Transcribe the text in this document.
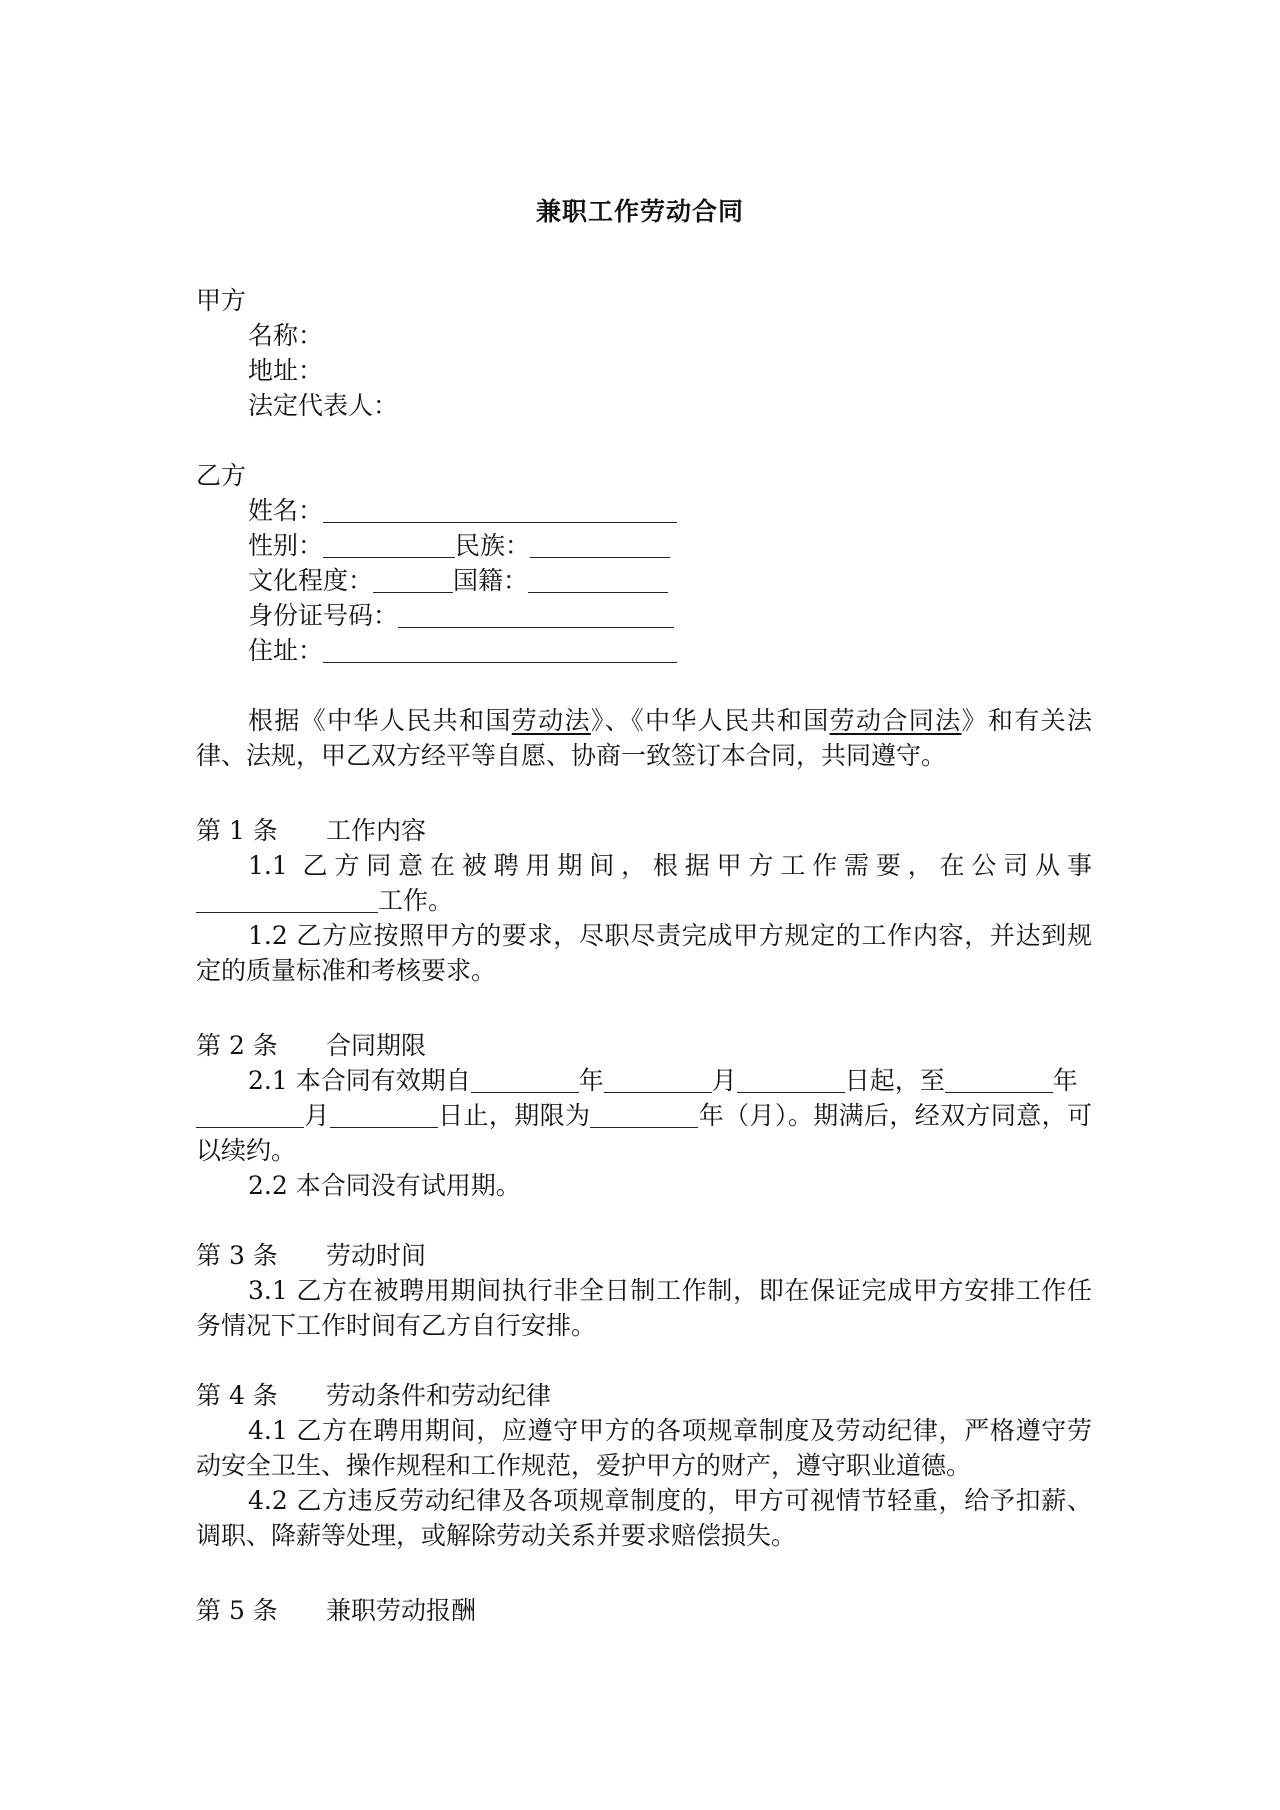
兼职工作劳动合同
甲方
名称：
地址：
法定代表人：
乙方
姓名：
性别：	民族：
文化程度：	国籍：
身份证号码：
住址：
根据《中华人民共和国劳动法》、《中华人民共和国劳动合同法》和有关法律、法规，甲乙双方经平等自愿、协商一致签订本合同，共同遵守。
第 1 条 工作内容
1.1 乙方同意在被聘用期间，根据甲方工作需要，在公司从事工作。
1.2 乙方应按照甲方的要求，尽职尽责完成甲方规定的工作内容，并达到规定的质量标准和考核要求。
第 2 条 合同期限
2.1 本合同有效期自	年	月	日起，至	年
月	日止，期限为	年（月）。期满后，经双方同意，可以续约。
2.2 本合同没有试用期。
第 3 条 劳动时间
3.1 乙方在被聘用期间执行非全日制工作制，即在保证完成甲方安排工作任务情况下工作时间有乙方自行安排。
第 4 条 劳动条件和劳动纪律
4.1 乙方在聘用期间，应遵守甲方的各项规章制度及劳动纪律，严格遵守劳动安全卫生、操作规程和工作规范，爱护甲方的财产，遵守职业道德。
4.2 乙方违反劳动纪律及各项规章制度的，甲方可视情节轻重，给予扣薪、调职、降薪等处理，或解除劳动关系并要求赔偿损失。
第 5 条 兼职劳动报酬
